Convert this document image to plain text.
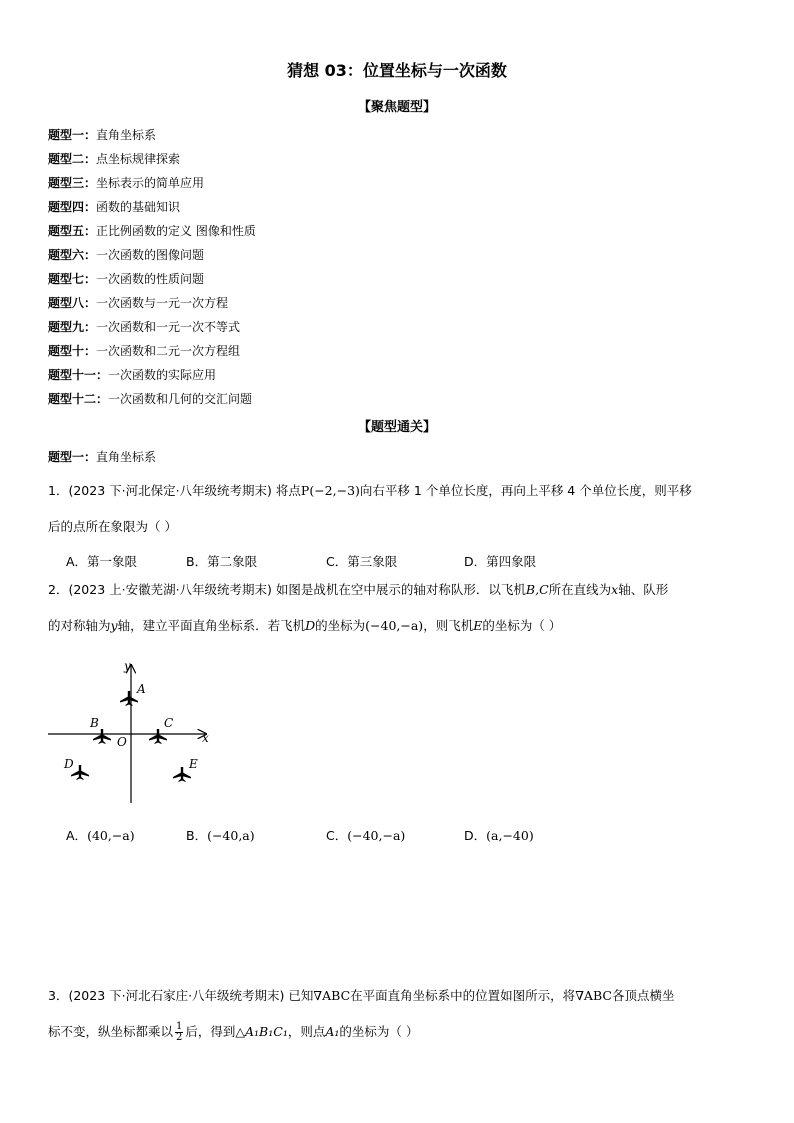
猜想 03：位置坐标与一次函数
【聚焦题型】
题型一：直角坐标系
题型二：点坐标规律探索
题型三：坐标表示的简单应用
题型四：函数的基础知识
题型五：正比例函数的定义 图像和性质
题型六：一次函数的图像问题
题型七：一次函数的性质问题
题型八：一次函数与一元一次方程
题型九：一次函数和一元一次不等式
题型十：一次函数和二元一次方程组
题型十一：一次函数的实际应用
题型十二：一次函数和几何的交汇问题
【题型通关】
题型一：直角坐标系
1．(2023 下·河北保定·八年级统考期末) 将点P(−2,−3)向右平移 1 个单位长度，再向上平移 4 个单位长度，则平移
后的点所在象限为（ ）
A．第一象限	B．第二象限	C．第三象限	D．第四象限
2．(2023 上·安徽芜湖·八年级统考期末) 如图是战机在空中展示的轴对称队形．以飞机B,C所在直线为x轴、队形
的对称轴为y轴，建立平面直角坐标系．若飞机D的坐标为(−40,−a)，则飞机E的坐标为（ ）
y
x
O
A
B	C
D	E
A．(40,−a)	B．(−40,a)	C．(−40,−a)	D．(a,−40)
3．(2023 下·河北石家庄·八年级统考期末) 已知∇ABC在平面直角坐标系中的位置如图所示，将∇ABC各顶点横坐
标不变，纵坐标都乘以 $\frac{1}{2}$ 后，得到△A₁B₁C₁，则点A₁的坐标为（ ）
